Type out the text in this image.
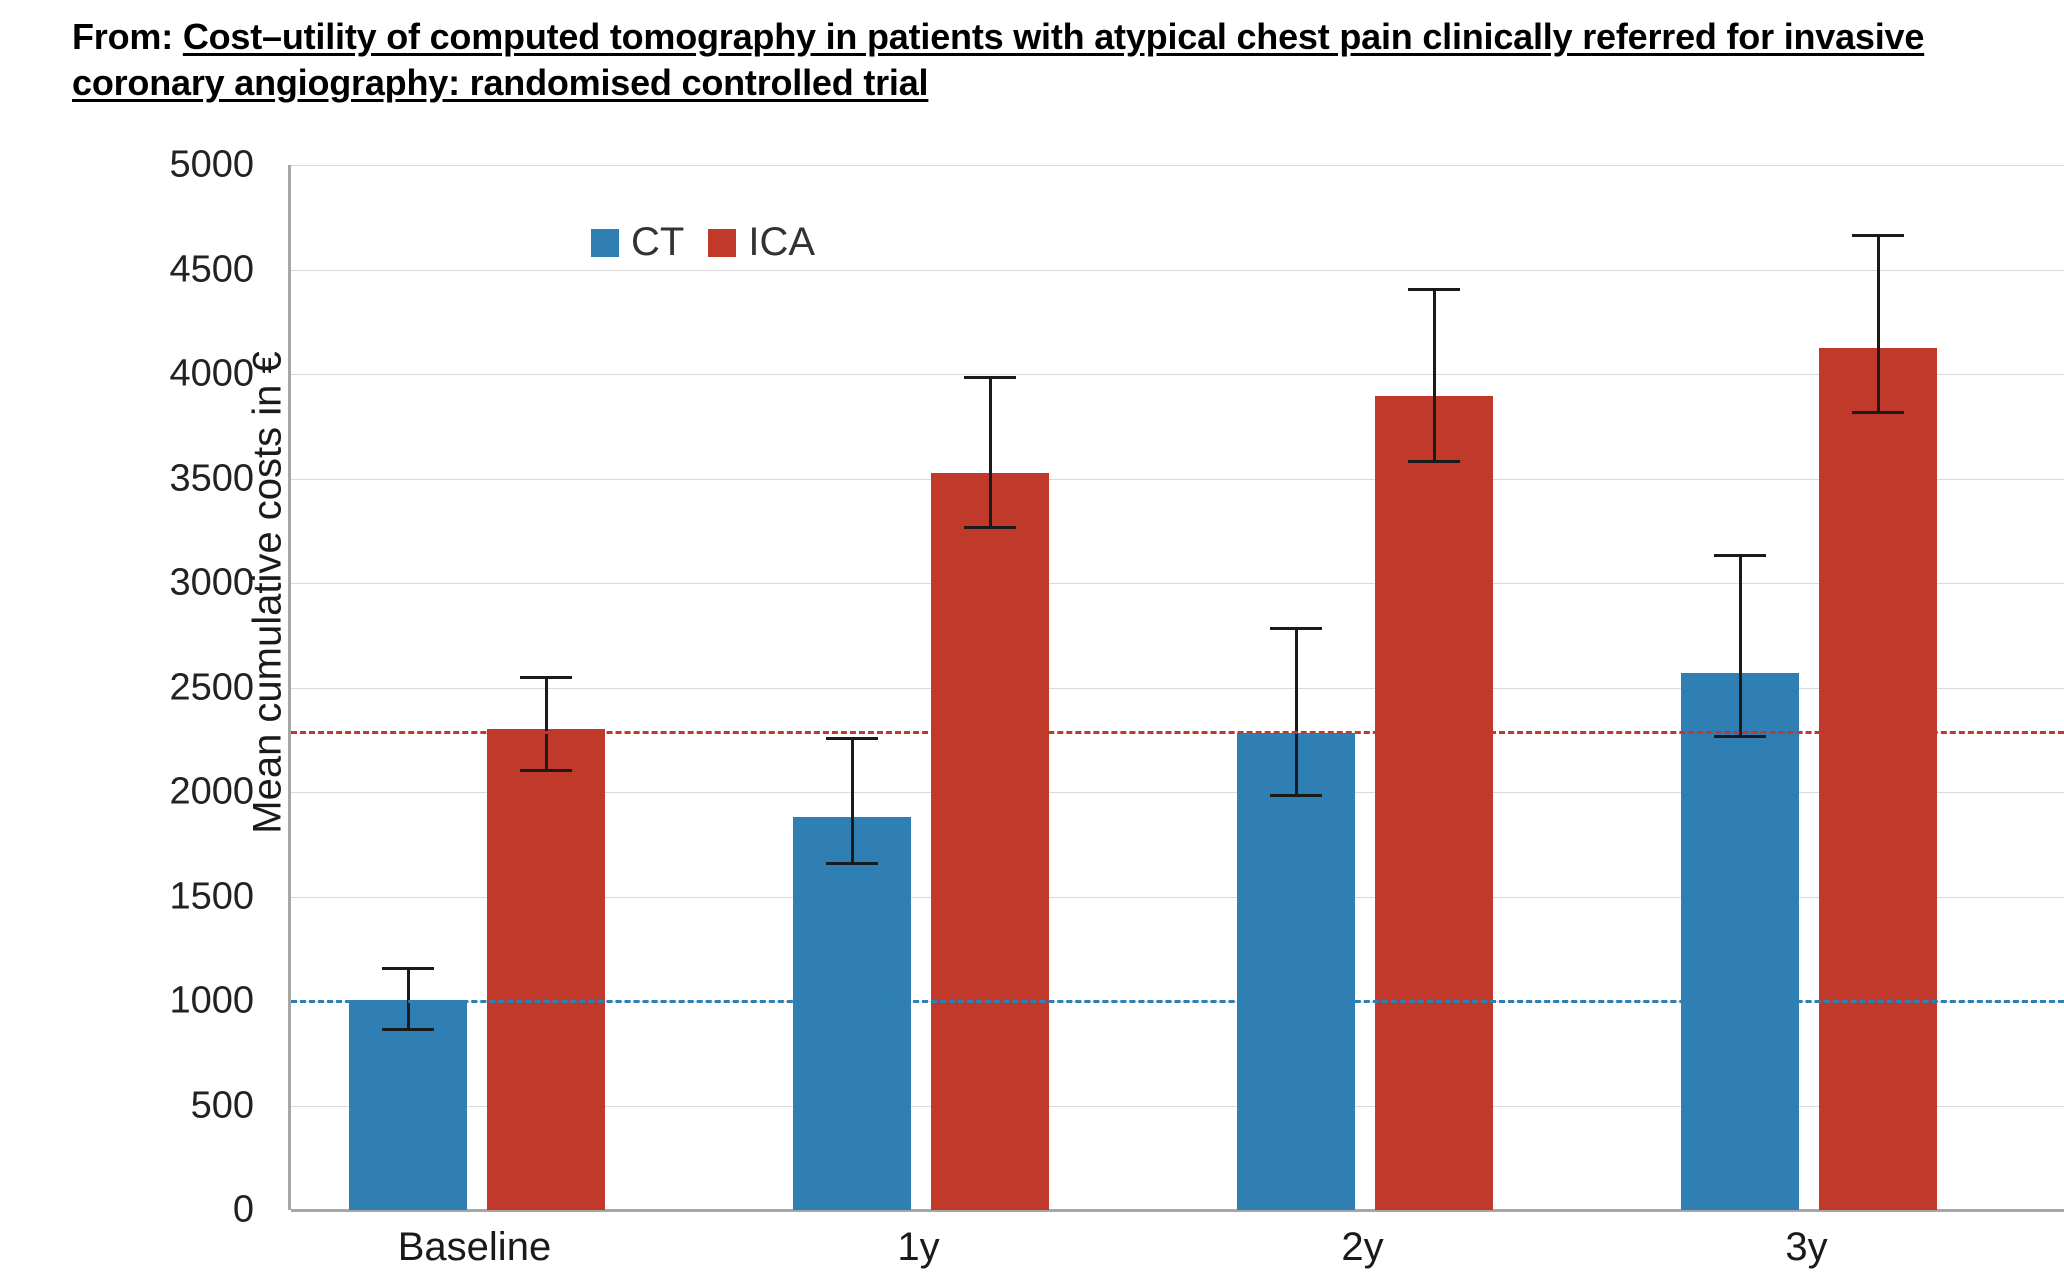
From: Cost–utility of computed tomography in patients with atypical chest pain clinically referred for invasive coronary angiography: randomised controlled trial
Mean cumulative costs in €
0
500
1000
1500
2000
2500
3000
3500
4000
4500
5000
CT ICA
Baseline	1y	2y	3y
